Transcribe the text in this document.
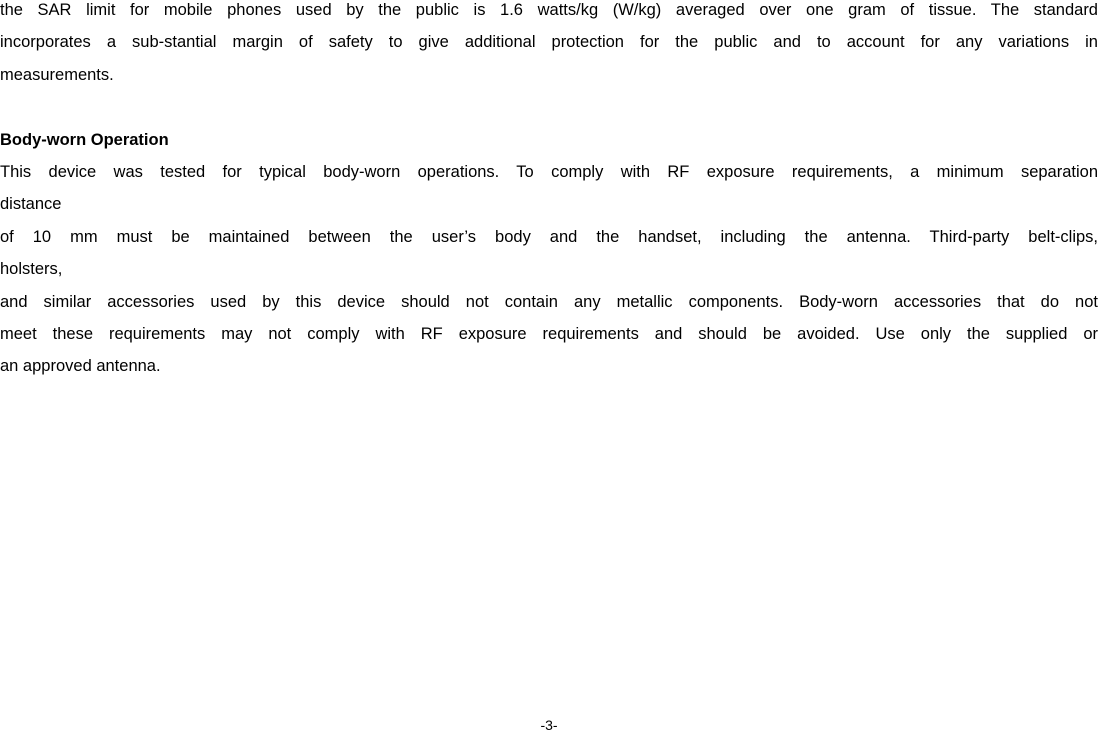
the SAR limit for mobile phones used by the public is 1.6 watts/kg (W/kg) averaged over one gram of tissue. The standard
incorporates a sub-stantial margin of safety to give additional protection for the public and to account for any variations in
measurements.
Body-worn Operation
This device was tested for typical body-worn operations. To comply with RF exposure requirements, a minimum separation
distance
of 10 mm must be maintained between the user’s body and the handset, including the antenna. Third-party belt-clips,
holsters,
and similar accessories used by this device should not contain any metallic components. Body-worn accessories that do not
meet these requirements may not comply with RF exposure requirements and should be avoided. Use only the supplied or
an approved antenna.
-3-
